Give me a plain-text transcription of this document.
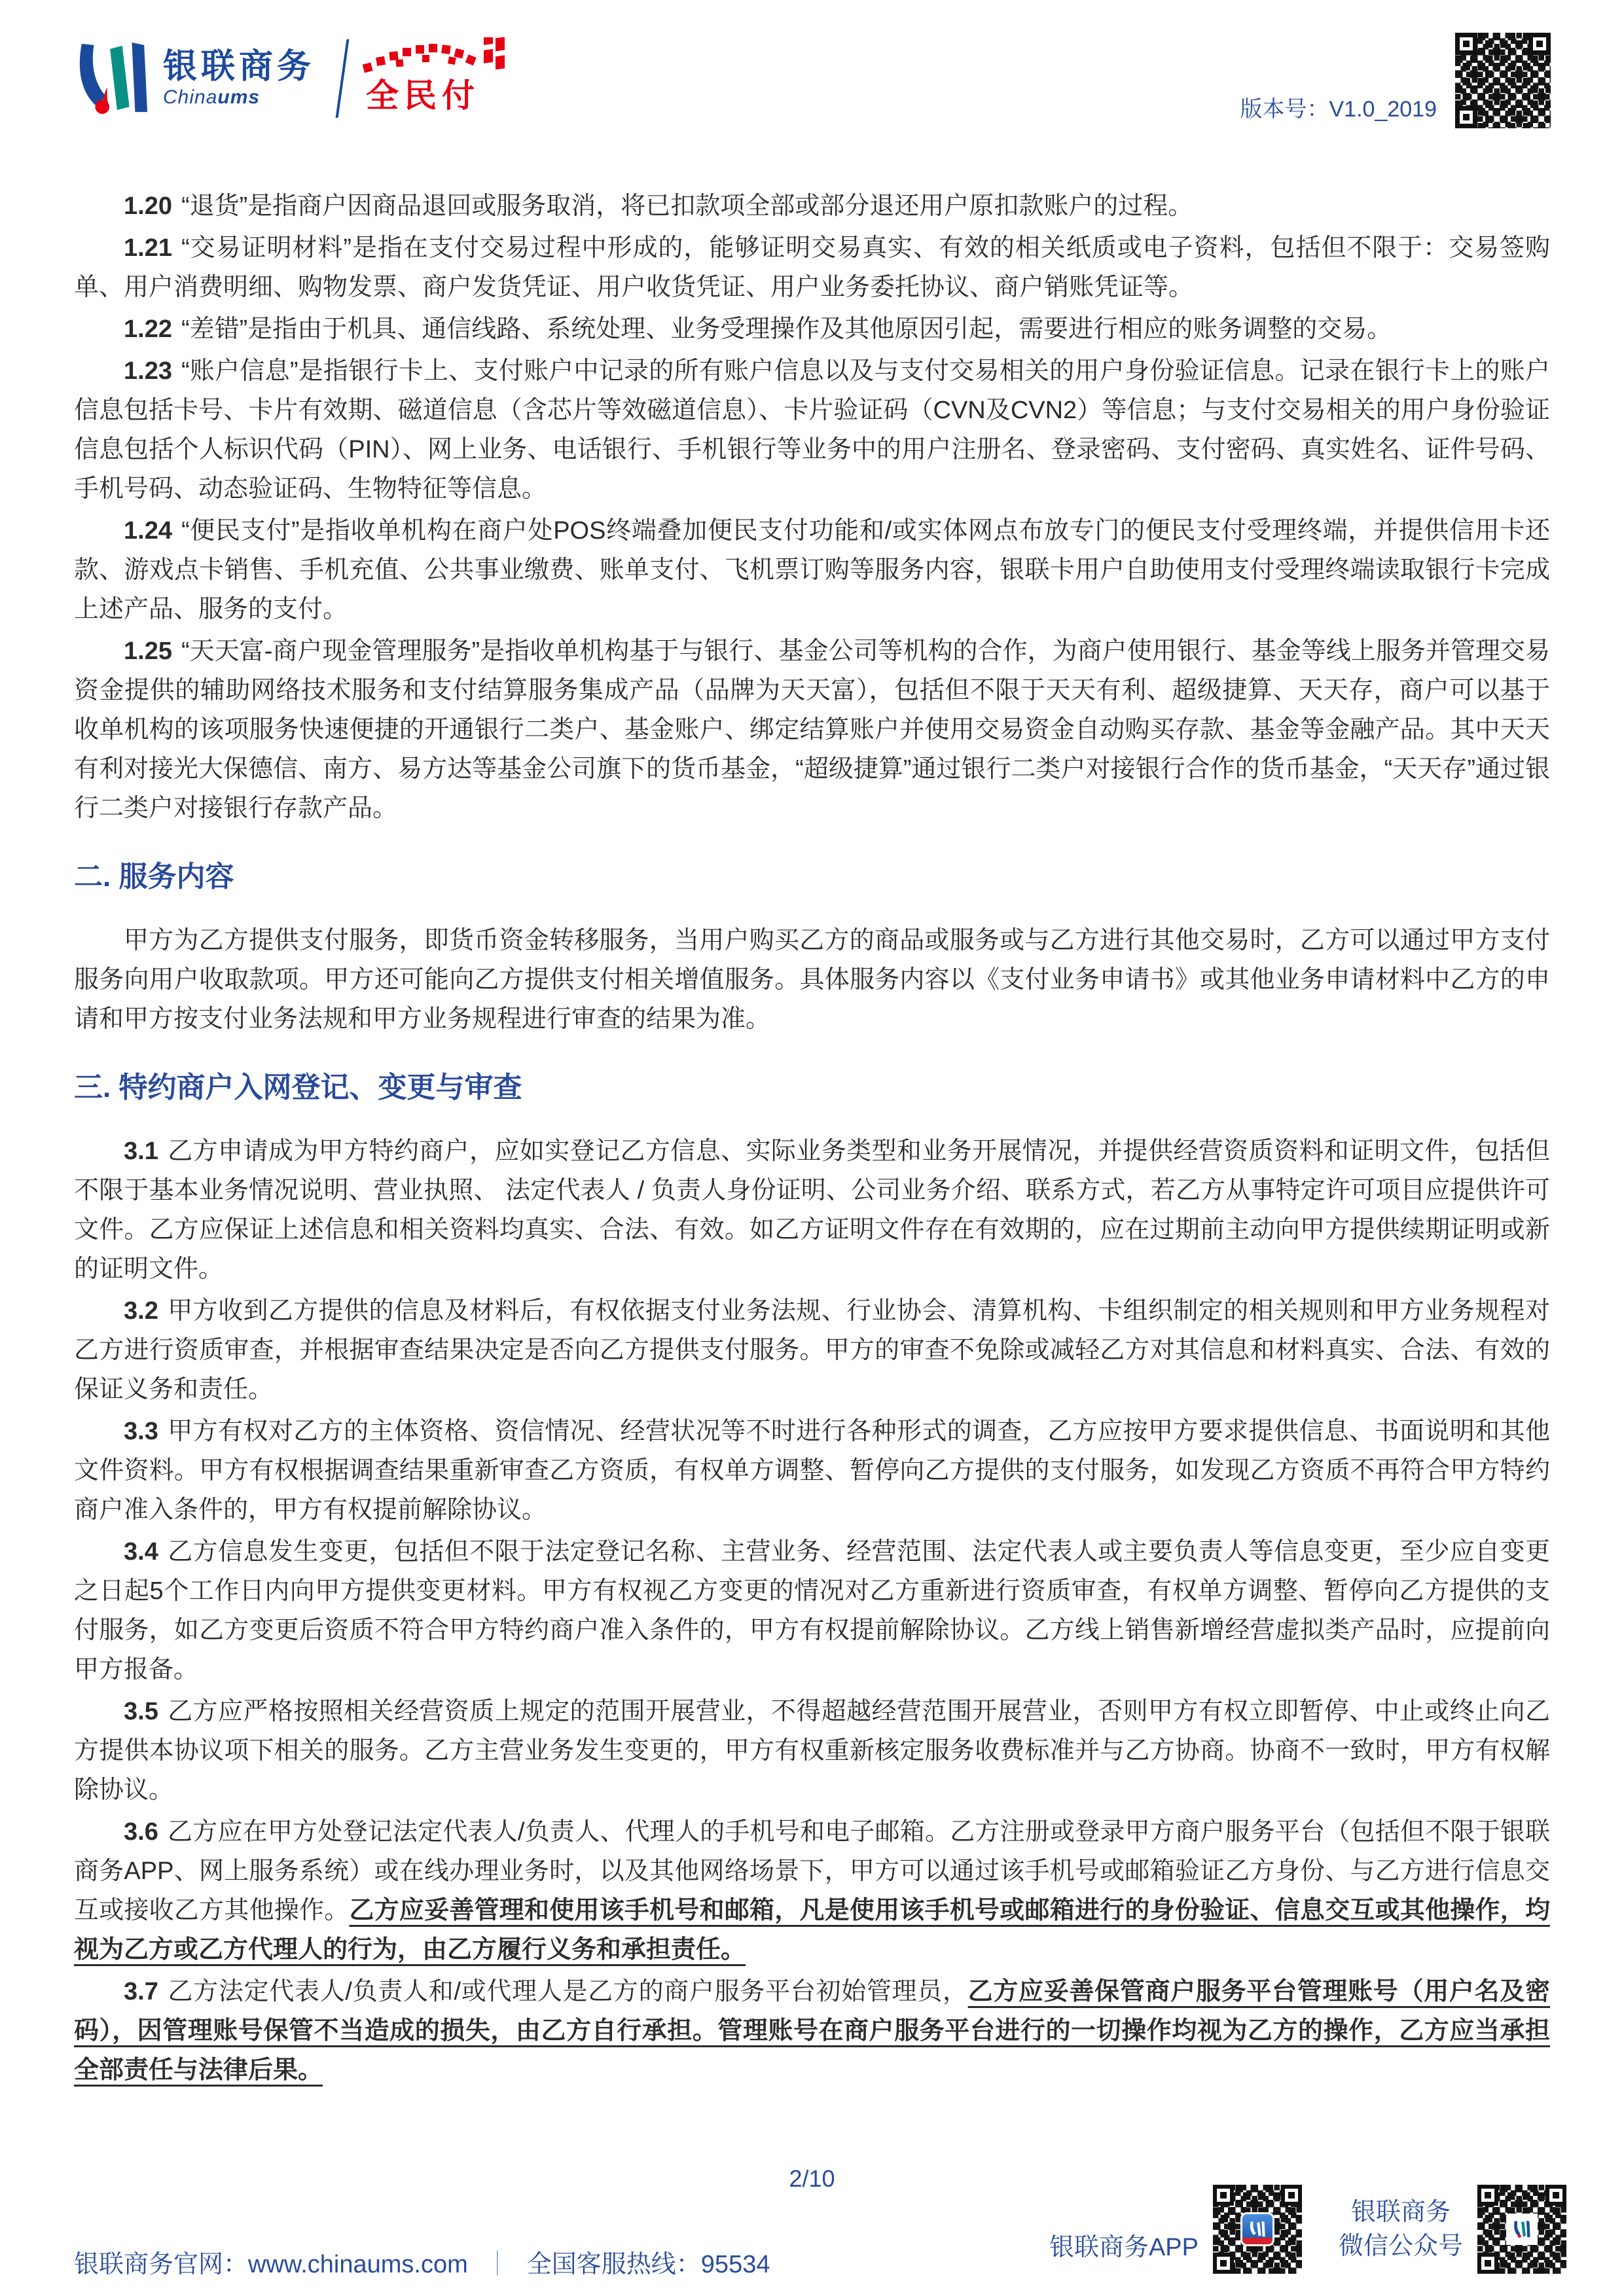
银联商务
Chinaums	全民付	版本号：V1.0_2019

1.20 “退货”是指商户因商品退回或服务取消，将已扣款项全部或部分退还用户原扣款账户的过程。

1.21 “交易证明材料”是指在支付交易过程中形成的，能够证明交易真实、有效的相关纸质或电子资料，包括但不限于：交易签购单、用户消费明细、购物发票、商户发货凭证、用户收货凭证、用户业务委托协议、商户销账凭证等。

1.22 “差错”是指由于机具、通信线路、系统处理、业务受理操作及其他原因引起，需要进行相应的账务调整的交易。

1.23 “账户信息”是指银行卡上、支付账户中记录的所有账户信息以及与支付交易相关的用户身份验证信息。记录在银行卡上的账户信息包括卡号、卡片有效期、磁道信息（含芯片等效磁道信息）、卡片验证码（CVN及CVN2）等信息；与支付交易相关的用户身份验证信息包括个人标识代码（PIN）、网上业务、电话银行、手机银行等业务中的用户注册名、登录密码、支付密码、真实姓名、证件号码、手机号码、动态验证码、生物特征等信息。

1.24 “便民支付”是指收单机构在商户处POS终端叠加便民支付功能和/或实体网点布放专门的便民支付受理终端，并提供信用卡还款、游戏点卡销售、手机充值、公共事业缴费、账单支付、飞机票订购等服务内容，银联卡用户自助使用支付受理终端读取银行卡完成上述产品、服务的支付。

1.25 “天天富-商户现金管理服务”是指收单机构基于与银行、基金公司等机构的合作，为商户使用银行、基金等线上服务并管理交易资金提供的辅助网络技术服务和支付结算服务集成产品（品牌为天天富），包括但不限于天天有利、超级捷算、天天存，商户可以基于收单机构的该项服务快速便捷的开通银行二类户、基金账户、绑定结算账户并使用交易资金自动购买存款、基金等金融产品。其中天天有利对接光大保德信、南方、易方达等基金公司旗下的货币基金，“超级捷算”通过银行二类户对接银行合作的货币基金，“天天存”通过银行二类户对接银行存款产品。

二. 服务内容

甲方为乙方提供支付服务，即货币资金转移服务，当用户购买乙方的商品或服务或与乙方进行其他交易时，乙方可以通过甲方支付服务向用户收取款项。甲方还可能向乙方提供支付相关增值服务。具体服务内容以《支付业务申请书》或其他业务申请材料中乙方的申请和甲方按支付业务法规和甲方业务规程进行审查的结果为准。

三. 特约商户入网登记、变更与审查

3.1 乙方申请成为甲方特约商户，应如实登记乙方信息、实际业务类型和业务开展情况，并提供经营资质资料和证明文件，包括但不限于基本业务情况说明、营业执照、 法定代表人 / 负责人身份证明、公司业务介绍、联系方式，若乙方从事特定许可项目应提供许可文件。乙方应保证上述信息和相关资料均真实、合法、有效。如乙方证明文件存在有效期的，应在过期前主动向甲方提供续期证明或新的证明文件。

3.2 甲方收到乙方提供的信息及材料后，有权依据支付业务法规、行业协会、清算机构、卡组织制定的相关规则和甲方业务规程对乙方进行资质审查，并根据审查结果决定是否向乙方提供支付服务。甲方的审查不免除或减轻乙方对其信息和材料真实、合法、有效的保证义务和责任。

3.3 甲方有权对乙方的主体资格、资信情况、经营状况等不时进行各种形式的调查，乙方应按甲方要求提供信息、书面说明和其他文件资料。甲方有权根据调查结果重新审查乙方资质，有权单方调整、暂停向乙方提供的支付服务，如发现乙方资质不再符合甲方特约商户准入条件的，甲方有权提前解除协议。

3.4 乙方信息发生变更，包括但不限于法定登记名称、主营业务、经营范围、法定代表人或主要负责人等信息变更，至少应自变更之日起5个工作日内向甲方提供变更材料。甲方有权视乙方变更的情况对乙方重新进行资质审查，有权单方调整、暂停向乙方提供的支付服务，如乙方变更后资质不符合甲方特约商户准入条件的，甲方有权提前解除协议。乙方线上销售新增经营虚拟类产品时，应提前向甲方报备。

3.5 乙方应严格按照相关经营资质上规定的范围开展营业，不得超越经营范围开展营业，否则甲方有权立即暂停、中止或终止向乙方提供本协议项下相关的服务。乙方主营业务发生变更的，甲方有权重新核定服务收费标准并与乙方协商。协商不一致时，甲方有权解除协议。

3.6 乙方应在甲方处登记法定代表人/负责人、代理人的手机号和电子邮箱。乙方注册或登录甲方商户服务平台（包括但不限于银联商务APP、网上服务系统）或在线办理业务时，以及其他网络场景下，甲方可以通过该手机号或邮箱验证乙方身份、与乙方进行信息交互或接收乙方其他操作。乙方应妥善管理和使用该手机号和邮箱，凡是使用该手机号或邮箱进行的身份验证、信息交互或其他操作，均视为乙方或乙方代理人的行为，由乙方履行义务和承担责任。

3.7 乙方法定代表人/负责人和/或代理人是乙方的商户服务平台初始管理员，乙方应妥善保管商户服务平台管理账号（用户名及密码），因管理账号保管不当造成的损失，由乙方自行承担。管理账号在商户服务平台进行的一切操作均视为乙方的操作，乙方应当承担全部责任与法律后果。

2/10
银联商务官网：www.chinaums.com ｜ 全国客服热线：95534
银联商务APP
银联商务
微信公众号
